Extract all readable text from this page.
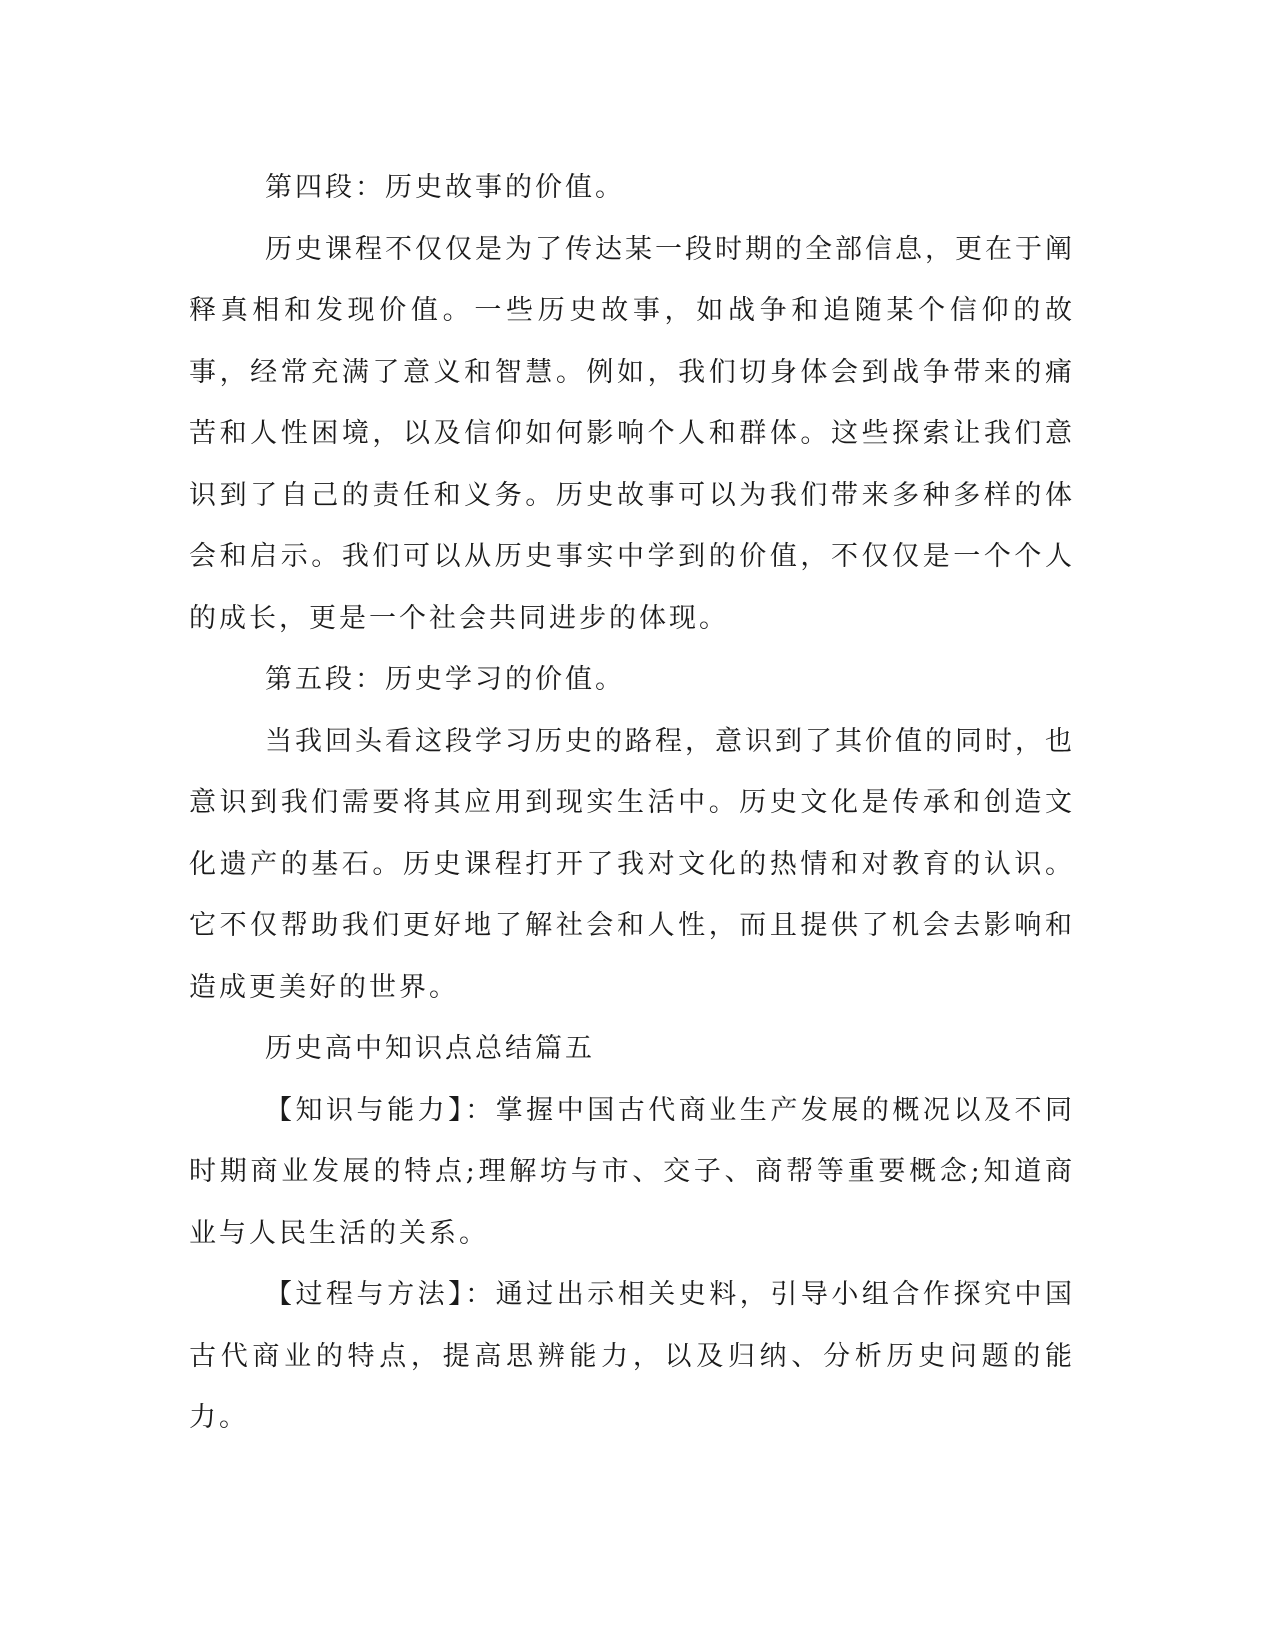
第四段：历史故事的价值。

历史课程不仅仅是为了传达某一段时期的全部信息，更在于阐释真相和发现价值。一些历史故事，如战争和追随某个信仰的故事，经常充满了意义和智慧。例如，我们切身体会到战争带来的痛苦和人性困境，以及信仰如何影响个人和群体。这些探索让我们意识到了自己的责任和义务。历史故事可以为我们带来多种多样的体会和启示。我们可以从历史事实中学到的价值，不仅仅是一个个人的成长，更是一个社会共同进步的体现。

第五段：历史学习的价值。

当我回头看这段学习历史的路程，意识到了其价值的同时，也意识到我们需要将其应用到现实生活中。历史文化是传承和创造文化遗产的基石。历史课程打开了我对文化的热情和对教育的认识。它不仅帮助我们更好地了解社会和人性，而且提供了机会去影响和造成更美好的世界。

历史高中知识点总结篇五

【知识与能力】：掌握中国古代商业生产发展的概况以及不同时期商业发展的特点;理解坊与市、交子、商帮等重要概念;知道商业与人民生活的关系。

【过程与方法】：通过出示相关史料，引导小组合作探究中国古代商业的特点，提高思辨能力，以及归纳、分析历史问题的能力。
